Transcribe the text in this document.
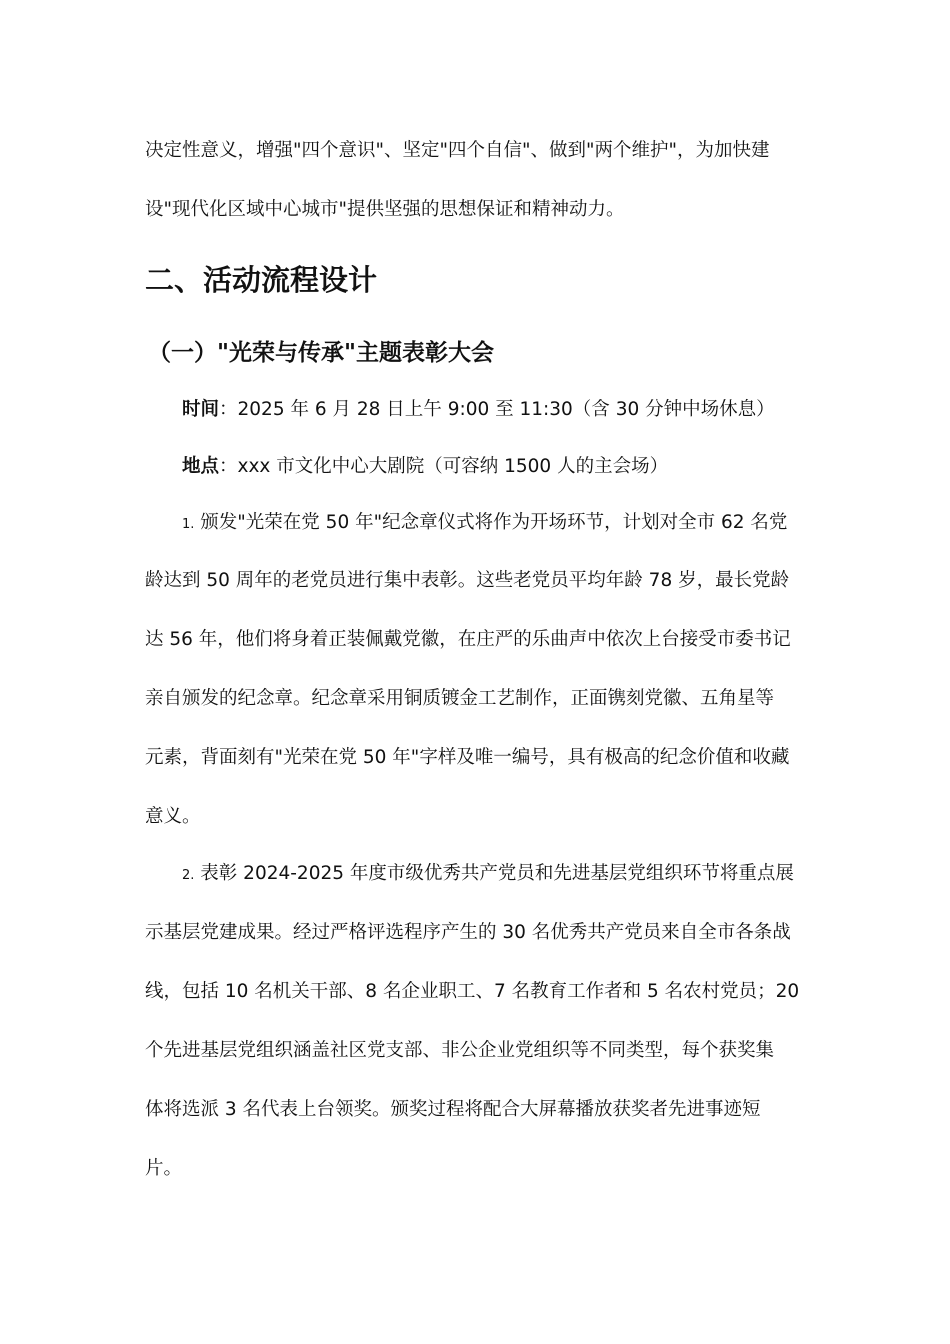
决定性意义，增强"四个意识"、坚定"四个自信"、做到"两个维护"，为加快建
设"现代化区域中心城市"提供坚强的思想保证和精神动力。
二、活动流程设计
（一）"光荣与传承"主题表彰大会
时间：2025 年 6 月 28 日上午 9:00 至 11:30（含 30 分钟中场休息）
地点：xxx 市文化中心大剧院（可容纳 1500 人的主会场）
1. 颁发"光荣在党 50 年"纪念章仪式将作为开场环节，计划对全市 62 名党
龄达到 50 周年的老党员进行集中表彰。这些老党员平均年龄 78 岁，最长党龄
达 56 年，他们将身着正装佩戴党徽，在庄严的乐曲声中依次上台接受市委书记
亲自颁发的纪念章。纪念章采用铜质镀金工艺制作，正面镌刻党徽、五角星等
元素，背面刻有"光荣在党 50 年"字样及唯一编号，具有极高的纪念价值和收藏
意义。
2. 表彰 2024-2025 年度市级优秀共产党员和先进基层党组织环节将重点展
示基层党建成果。经过严格评选程序产生的 30 名优秀共产党员来自全市各条战
线，包括 10 名机关干部、8 名企业职工、7 名教育工作者和 5 名农村党员；20
个先进基层党组织涵盖社区党支部、非公企业党组织等不同类型，每个获奖集
体将选派 3 名代表上台领奖。颁奖过程将配合大屏幕播放获奖者先进事迹短
片。
